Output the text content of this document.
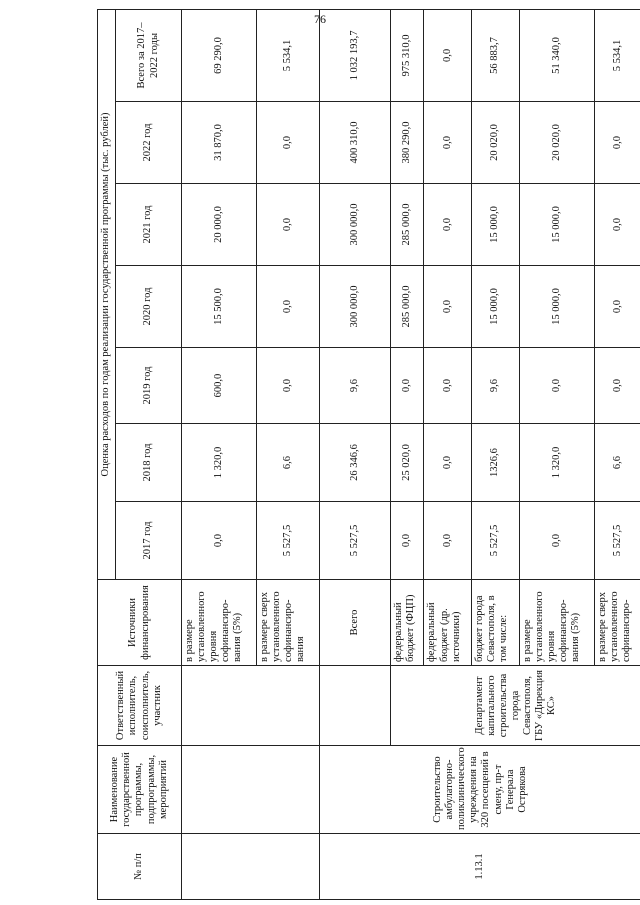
76
№ п/п	Наименование государственной программы, подпрограммы, мероприятий	Ответственный исполнитель, соисполнитель, участник	Источники финансирования	Оценка расходов по годам реализации государственной программы (тыс. рублей)						
				2017 год	2018 год	2019 год	2020 год	2021 год	2022 год	Всего за 2017–2022 годы
			в размере установленного уровня софинансиро-вания (5%)	0,0	1 320,0	600,0	15 500,0	20 000,0	31 870,0	69 290,0
			в размере сверх установленного софинансиро-вания	5 527,5	6,6	0,0	0,0	0,0	0,0	5 534,1
1.13.1	Строительство амбулаторно-поликлинического учреждения на 320 посещений в смену, пр-т Генерала Острякова		Всего	5 527,5	26 346,6	9,6	300 000,0	300 000,0	400 310,0	1 032 193,7
		Департамент капитального строительства города Севастополя, ГБУ «Дирекция КС»	федеральный бюджет (ФЦП)	0,0	25 020,0	0,0	285 000,0	285 000,0	380 290,0	975 310,0
			федеральный бюджет (др. источники)	0,0	0,0	0,0	0,0	0,0	0,0	0,0
			бюджет города Севастополя, в том числе:	5 527,5	1326,6	9,6	15 000,0	15 000,0	20 020,0	56 883,7
			в размере установленного уровня софинансиро-вания (5%)	0,0	1 320,0	0,0	15 000,0	15 000,0	20 020,0	51 340,0
			в размере сверх установленного софинансиро-	5 527,5	6,6	0,0	0,0	0,0	0,0	5 534,1
